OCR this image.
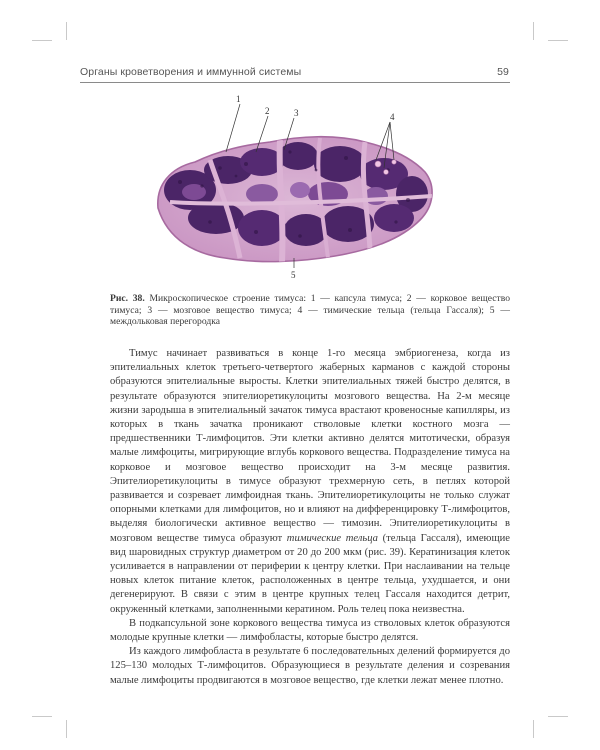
Органы кроветворения и иммунной системы	59
1
2	3	4
5
Рис. 38. Микроскопическое строение тимуса: 1 — капсула тимуса; 2 — корковое вещество тимуса; 3 — мозговое вещество тимуса; 4 — тимические тельца (тельца Гассаля); 5 — междольковая перегородка

Тимус начинает развиваться в конце 1-го месяца эмбриогенеза, когда из эпителиальных клеток третьего-четвертого жаберных карманов с каждой стороны образуются эпителиальные выросты. Клетки эпителиальных тяжей быстро делятся, в результате образуются эпителиоретикулоциты мозгового вещества. На 2-м месяце жизни зародыша в эпителиальный зачаток тимуса врастают кровеносные капилляры, из которых в ткань зачатка проникают стволовые клетки костного мозга — предшественники Т-лимфоцитов. Эти клетки активно делятся митотически, образуя малые лимфоциты, мигрирующие вглубь коркового вещества. Подразделение тимуса на корковое и мозговое вещество происходит на 3-м месяце развития. Эпителиоретикулоциты в тимусе образуют трехмерную сеть, в петлях которой развивается и созревает лимфоидная ткань. Эпителиоретикулоциты не только служат опорными клетками для лимфоцитов, но и влияют на дифференцировку Т-лимфоцитов, выделяя биологически активное вещество — тимозин. Эпителиоретикулоциты в мозговом веществе тимуса образуют тимические тельца (тельца Гассаля), имеющие вид шаровидных структур диаметром от 20 до 200 мкм (рис. 39). Кератинизация клеток усиливается в направлении от периферии к центру клетки. При наслаивании на тельце новых клеток питание клеток, расположенных в центре тельца, ухудшается, и они дегенерируют. В связи с этим в центре крупных телец Гассаля находится детрит, окруженный клетками, заполненными кератином. Роль телец пока неизвестна.

В подкапсульной зоне коркового вещества тимуса из стволовых клеток образуются молодые крупные клетки — лимфобласты, которые быстро делятся.

Из каждого лимфобласта в результате 6 последовательных делений формируется до 125–130 молодых Т-лимфоцитов. Образующиеся в результате деления и созревания малые лимфоциты продвигаются в мозговое вещество, где клетки лежат менее плотно.
